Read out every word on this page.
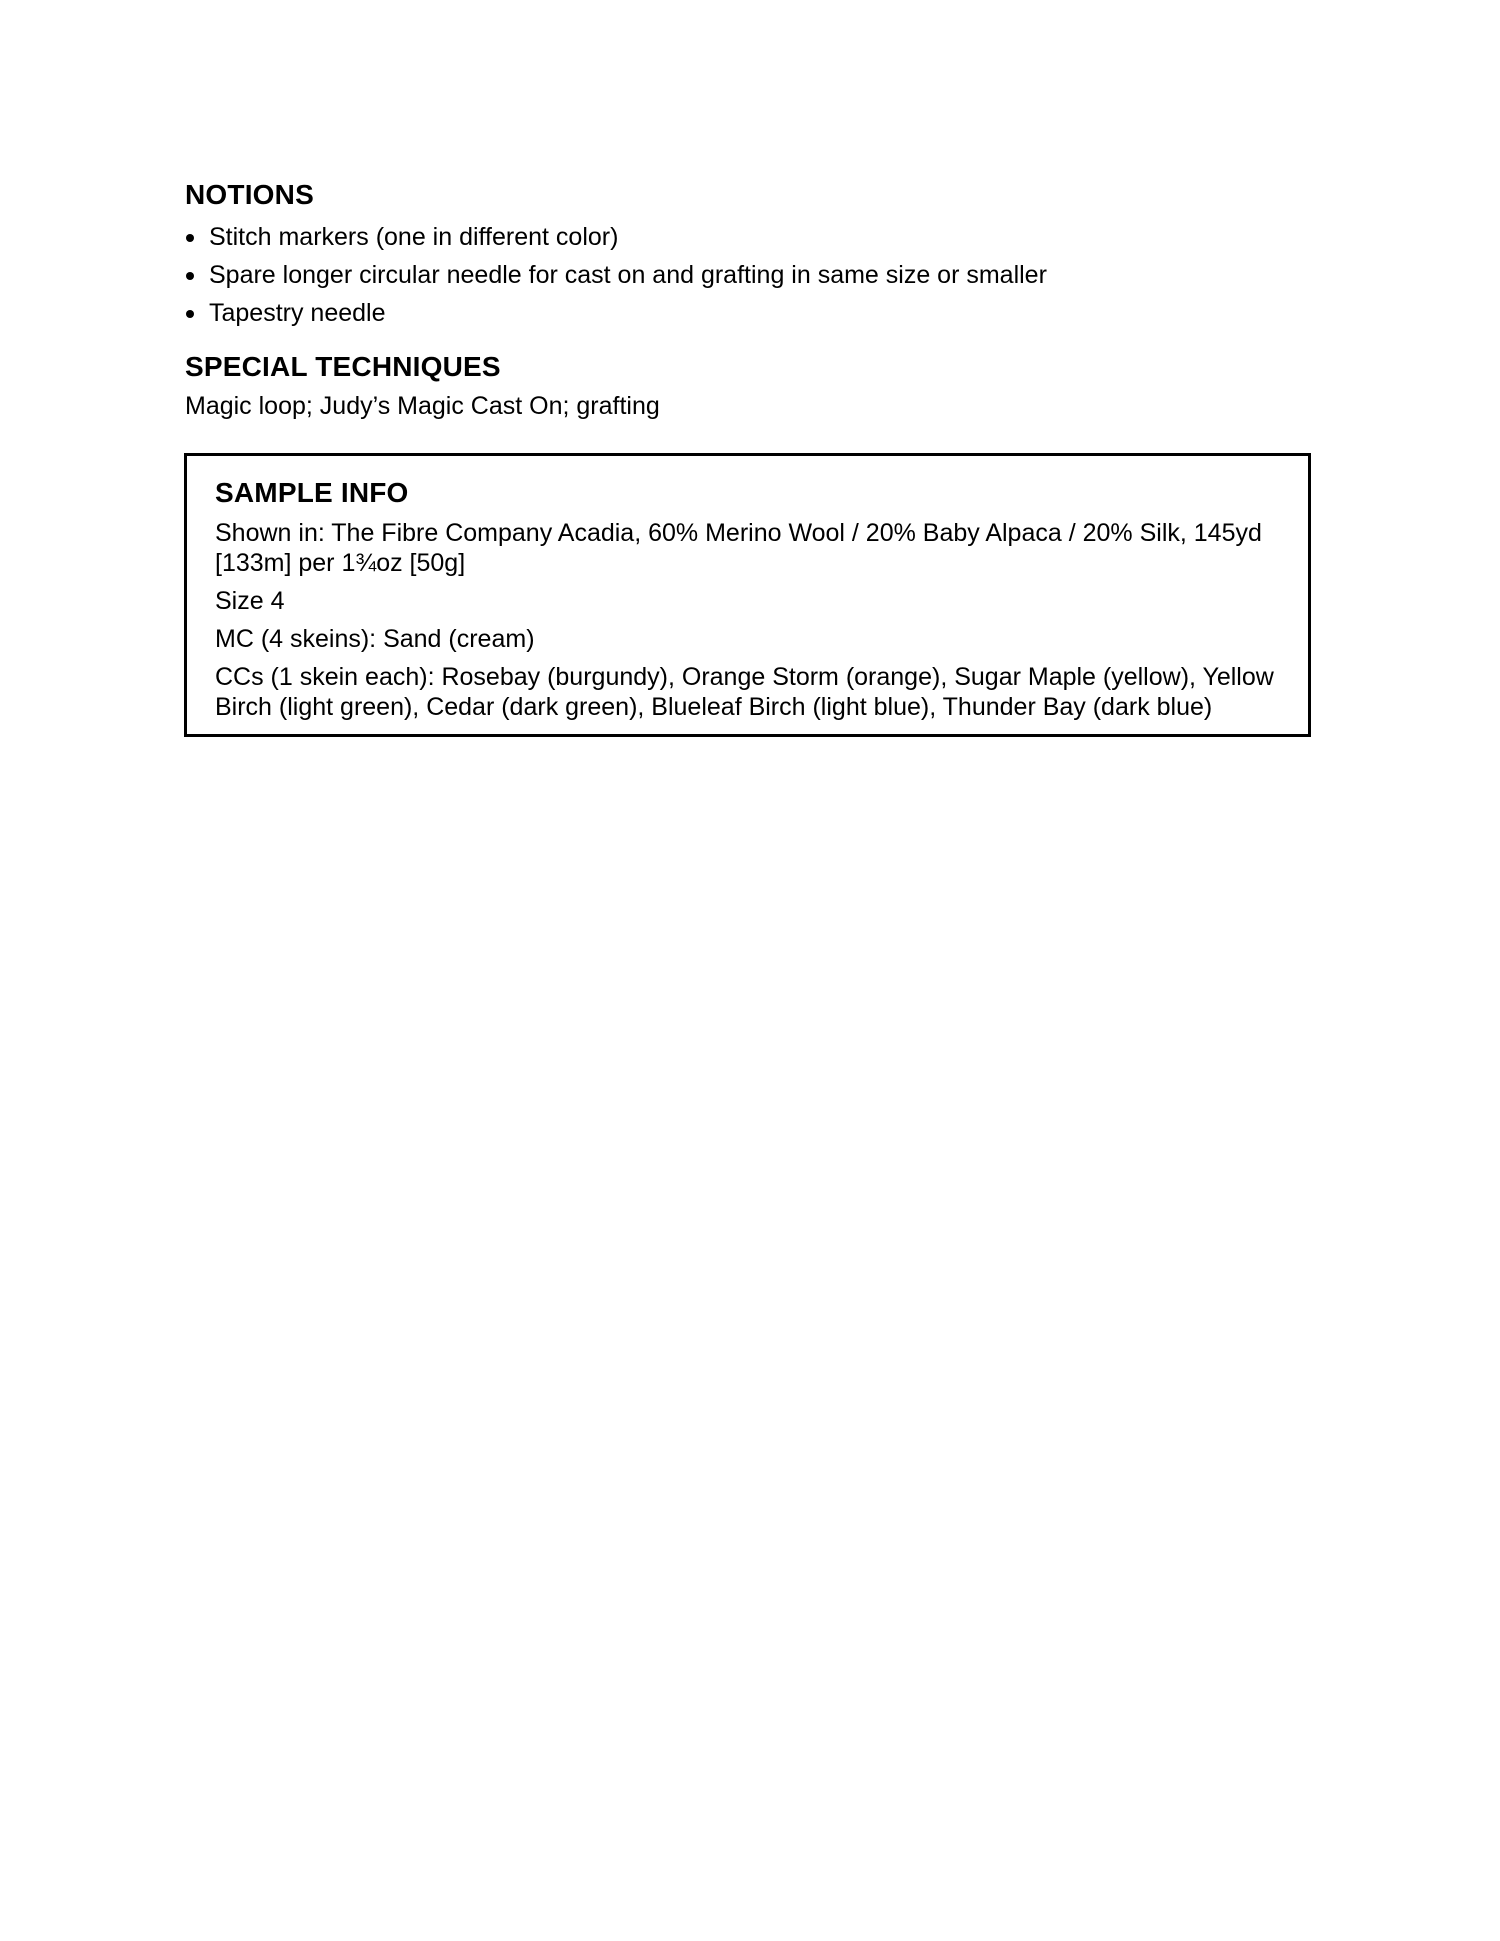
NOTIONS
Stitch markers (one in different color)
Spare longer circular needle for cast on and grafting in same size or smaller
Tapestry needle
SPECIAL TECHNIQUES
Magic loop; Judy’s Magic Cast On; grafting
SAMPLE INFO
Shown in: The Fibre Company Acadia, 60% Merino Wool / 20% Baby Alpaca / 20% Silk, 145yd [133m] per 1¾oz [50g]
Size 4
MC (4 skeins): Sand (cream)
CCs (1 skein each): Rosebay (burgundy), Orange Storm (orange), Sugar Maple (yellow), Yellow Birch (light green), Cedar (dark green), Blueleaf Birch (light blue), Thunder Bay (dark blue)
